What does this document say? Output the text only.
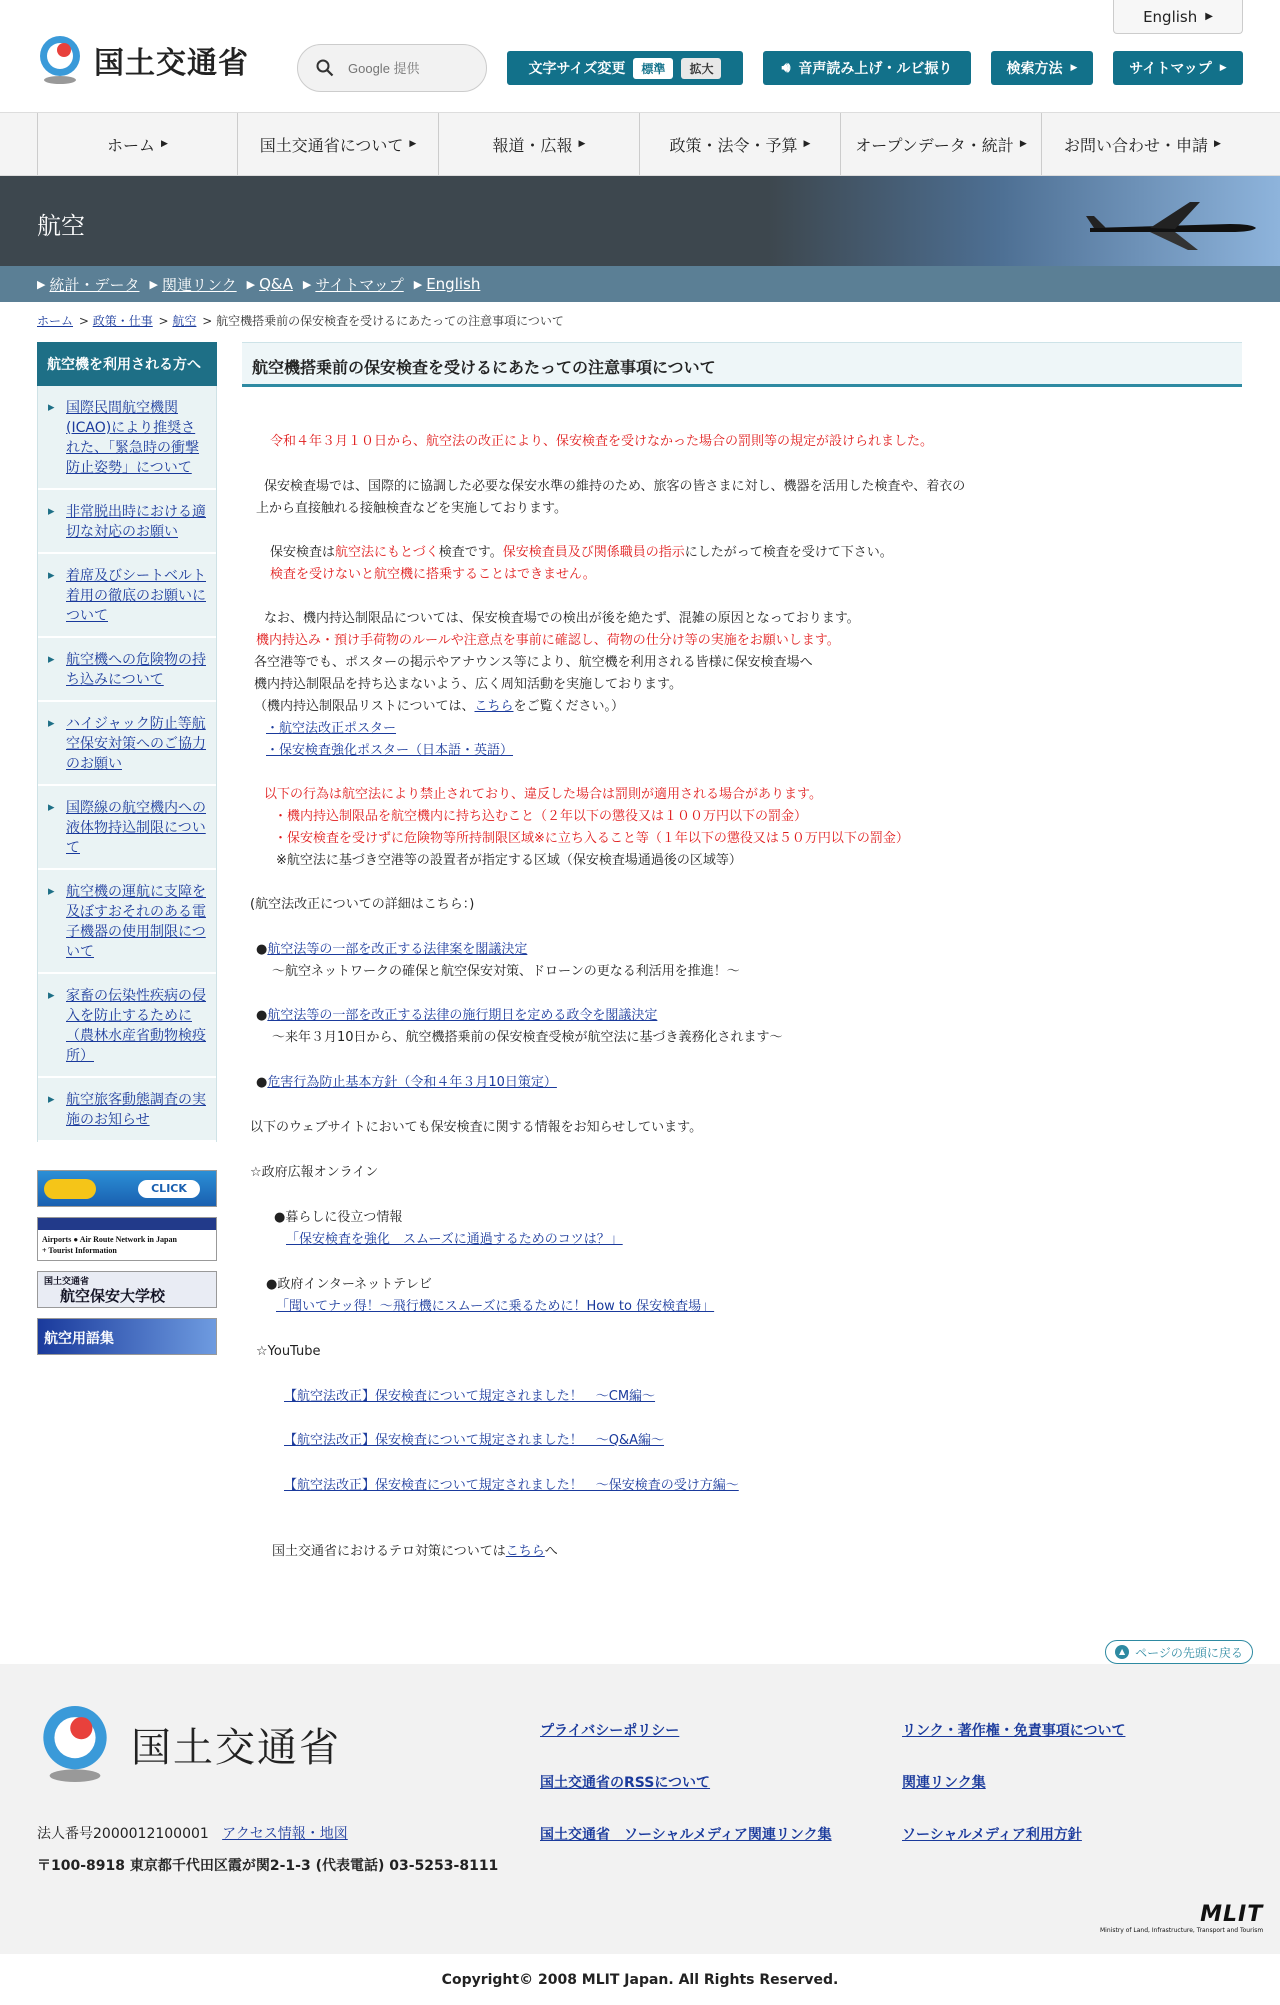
English ▶
国土交通省
Google 提供	文字サイズ変更	標準	拡大	🔊︎ 音声読み上げ・ルビ振り	検索方法 ▶	サイトマップ ▶
ホーム ▶	国土交通省について ▶	報道・広報 ▶	政策・法令・予算 ▶	オープンデータ・統計 ▶ お問い合わせ・申請 ▶
航空
▶ 統計・データ ▶ 関連リンク ▶ Q&A ▶ サイトマップ ▶ English
ホーム > 政策・仕事 > 航空 > 航空機搭乗前の保安検査を受けるにあたっての注意事項について
航空機を利用される方へ
▸ 国際民間航空機関(ICAO)により推奨された、「緊急時の衝撃防止姿勢」について
▸ 非常脱出時における適切な対応のお願い
▸ 着席及びシートベルト着用の徹底のお願いについて
▸ 航空機への危険物の持ち込みについて
▸ ハイジャック防止等航空保安対策へのご協力のお願い
▸ 国際線の航空機内への液体物持込制限について
▸ 航空機の運航に支障を及ぼすおそれのある電子機器の使用制限について
▸ 家畜の伝染性疾病の侵入を防止するために（農林水産省動物検疫所）
▸ 航空旅客動態調査の実施のお知らせ
CLICK
Airports ● Air Route Network in Japan
+ Tourist Information
国土交通省
航空保安大学校
航空用語集
航空機搭乗前の保安検査を受けるにあたっての注意事項について
令和４年３月１０日から、航空法の改正により、保安検査を受けなかった場合の罰則等の規定が設けられました。
保安検査場では、国際的に協調した必要な保安水準の維持のため、旅客の皆さまに対し、機器を活用した検査や、着衣の
上から直接触れる接触検査などを実施しております。
保安検査は航空法にもとづく検査です。保安検査員及び関係職員の指示にしたがって検査を受けて下さい。
検査を受けないと航空機に搭乗することはできません。
なお、機内持込制限品については、保安検査場での検出が後を絶たず、混雑の原因となっております。
機内持込み・預け手荷物のルールや注意点を事前に確認し、荷物の仕分け等の実施をお願いします。
各空港等でも、ポスターの掲示やアナウンス等により、航空機を利用される皆様に保安検査場へ
機内持込制限品を持ち込まないよう、広く周知活動を実施しております。
（機内持込制限品リストについては、こちらをご覧ください。）
・航空法改正ポスター
・保安検査強化ポスター（日本語・英語）
以下の行為は航空法により禁止されており、違反した場合は罰則が適用される場合があります。
・機内持込制限品を航空機内に持ち込むこと（２年以下の懲役又は１００万円以下の罰金）
・保安検査を受けずに危険物等所持制限区域※に立ち入ること等（１年以下の懲役又は５０万円以下の罰金）
※航空法に基づき空港等の設置者が指定する区域（保安検査場通過後の区域等）
(航空法改正についての詳細はこちら：)
●航空法等の一部を改正する法律案を閣議決定
～航空ネットワークの確保と航空保安対策、ドローンの更なる利活用を推進！～
●航空法等の一部を改正する法律の施行期日を定める政令を閣議決定
～来年３月10日から、航空機搭乗前の保安検査受検が航空法に基づき義務化されます～
●危害行為防止基本方針（令和４年３月10日策定）
以下のウェブサイトにおいても保安検査に関する情報をお知らせしています。
☆政府広報オンライン
●暮らしに役立つ情報
「保安検査を強化　スムーズに通過するためのコツは？」
●政府インターネットテレビ
「聞いてナッ得！～飛行機にスムーズに乗るために！How to 保安検査場」
☆YouTube
【航空法改正】保安検査について規定されました！　～CM編～
【航空法改正】保安検査について規定されました！　～Q&A編～
【航空法改正】保安検査について規定されました！　～保安検査の受け方編～
国土交通省におけるテロ対策についてはこちらへ
▲ ページの先頭に戻る
国土交通省
法人番号2000012100001 アクセス情報・地図
〒100-8918 東京都千代田区霞が関2-1-3 (代表電話) 03-5253-8111
プライバシーポリシー	リンク・著作権・免責事項について
国土交通省のRSSについて	関連リンク集
国土交通省　ソーシャルメディア関連リンク集	ソーシャルメディア利用方針
MLIT
Ministry of Land, Infrastructure, Transport and Tourism
Copyright© 2008 MLIT Japan. All Rights Reserved.
